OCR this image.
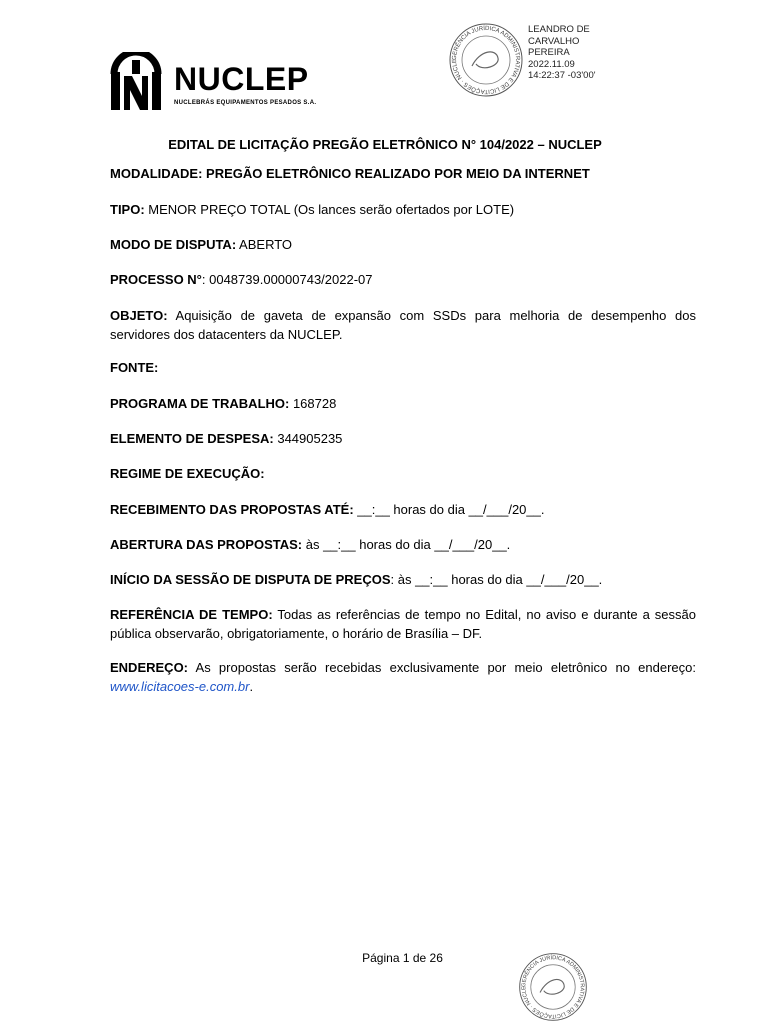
NUCLEP
NUCLEBRÁS EQUIPAMENTOS PESADOS S.A.
GERÊNCIA JURÍDICA ADMINISTRATIVA E DE LICITAÇÕES · NUCLE
LEANDRO DE
CARVALHO
PEREIRA
2022.11.09
14:22:37 -03'00'
EDITAL DE LICITAÇÃO PREGÃO ELETRÔNICO N° 104/2022 – NUCLEP
MODALIDADE: PREGÃO ELETRÔNICO REALIZADO POR MEIO DA INTERNET
TIPO: MENOR PREÇO TOTAL (Os lances serão ofertados por LOTE)
MODO DE DISPUTA: ABERTO
PROCESSO N°: 0048739.00000743/2022-07
OBJETO: Aquisição de gaveta de expansão com SSDs para melhoria de desempenho dos servidores dos datacenters da NUCLEP.
FONTE:
PROGRAMA DE TRABALHO: 168728
ELEMENTO DE DESPESA: 344905235
REGIME DE EXECUÇÃO:
RECEBIMENTO DAS PROPOSTAS ATÉ: __:__ horas do dia __/___/20__.
ABERTURA DAS PROPOSTAS: às __:__ horas do dia __/___/20__.
INÍCIO DA SESSÃO DE DISPUTA DE PREÇOS: às __:__ horas do dia __/___/20__.
REFERÊNCIA DE TEMPO: Todas as referências de tempo no Edital, no aviso e durante a sessão pública observarão, obrigatoriamente, o horário de Brasília – DF.
ENDEREÇO: As propostas serão recebidas exclusivamente por meio eletrônico no endereço: www.licitacoes-e.com.br.
Página 1 de 26
GERÊNCIA JURÍDICA ADMINISTRATIVA E DE LICITAÇÕES · NUCLE
